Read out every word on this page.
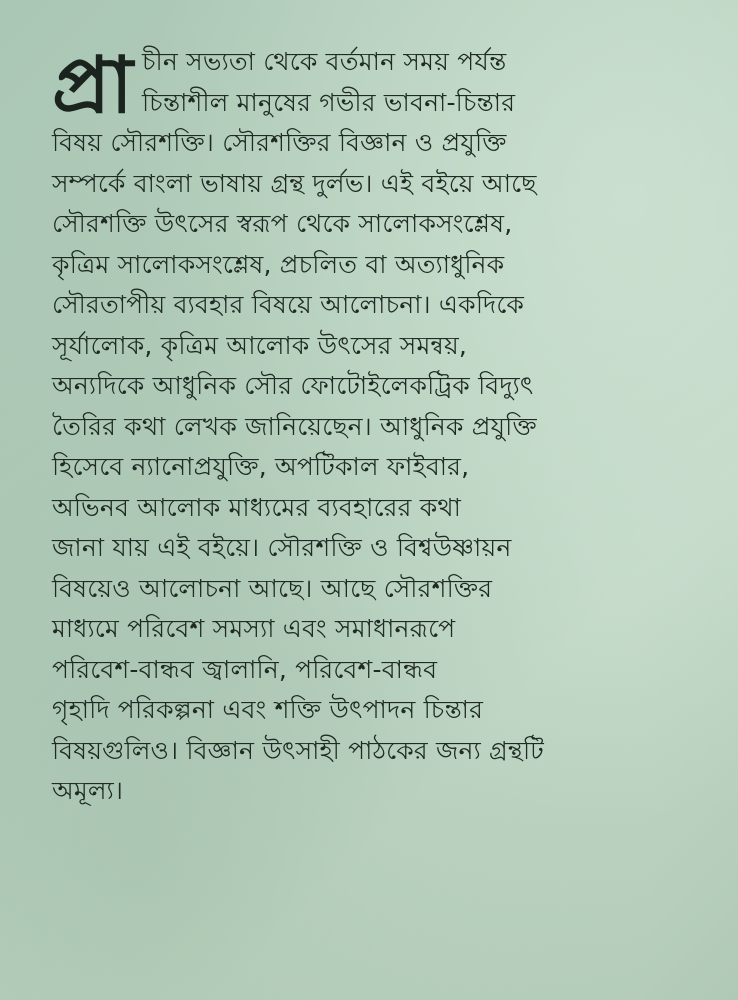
প্রা চীন সভ্যতা থেকে বর্তমান সময় পর্যন্ত
চিন্তাশীল মানুষের গভীর ভাবনা-চিন্তার
বিষয় সৌরশক্তি। সৌরশক্তির বিজ্ঞান ও প্রযুক্তি
সম্পর্কে বাংলা ভাষায় গ্রন্থ দুর্লভ। এই বইয়ে আছে
সৌরশক্তি উৎসের স্বরূপ থেকে সালোকসংশ্লেষ,
কৃত্রিম সালোকসংশ্লেষ, প্রচলিত বা অত্যাধুনিক
সৌরতাপীয় ব্যবহার বিষয়ে আলোচনা। একদিকে
সূর্যালোক, কৃত্রিম আলোক উৎসের সমন্বয়,
অন্যদিকে আধুনিক সৌর ফোটোইলেকট্রিক বিদ্যুৎ
তৈরির কথা লেখক জানিয়েছেন। আধুনিক প্রযুক্তি
হিসেবে ন্যানোপ্রযুক্তি, অপটিকাল ফাইবার,
অভিনব আলোক মাধ্যমের ব্যবহারের কথা
জানা যায় এই বইয়ে। সৌরশক্তি ও বিশ্বউষ্ণায়ন
বিষয়েও আলোচনা আছে। আছে সৌরশক্তির
মাধ্যমে পরিবেশ সমস্যা এবং সমাধানরূপে
পরিবেশ-বান্ধব জ্বালানি, পরিবেশ-বান্ধব
গৃহাদি পরিকল্পনা এবং শক্তি উৎপাদন চিন্তার
বিষয়গুলিও। বিজ্ঞান উৎসাহী পাঠকের জন্য গ্রন্থটি
অমূল্য।
